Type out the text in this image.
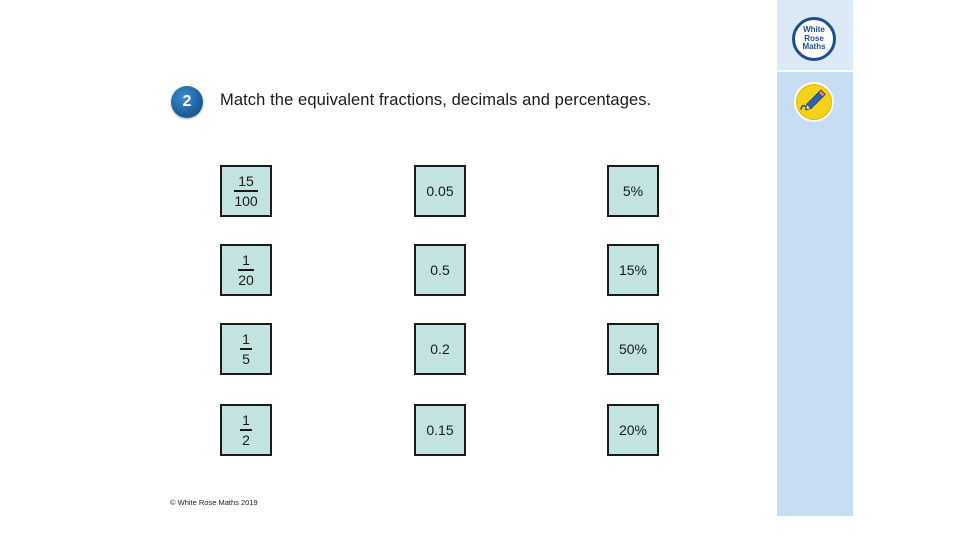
2 Match the equivalent fractions, decimals and percentages.
$\frac{15}{100}$
$\frac{1}{20}$
$\frac{1}{5}$
$\frac{1}{2}$
0.05
0.5
0.2
0.15
5%
15%
50%
20%
© White Rose Maths 2019
White
Rose
Maths
